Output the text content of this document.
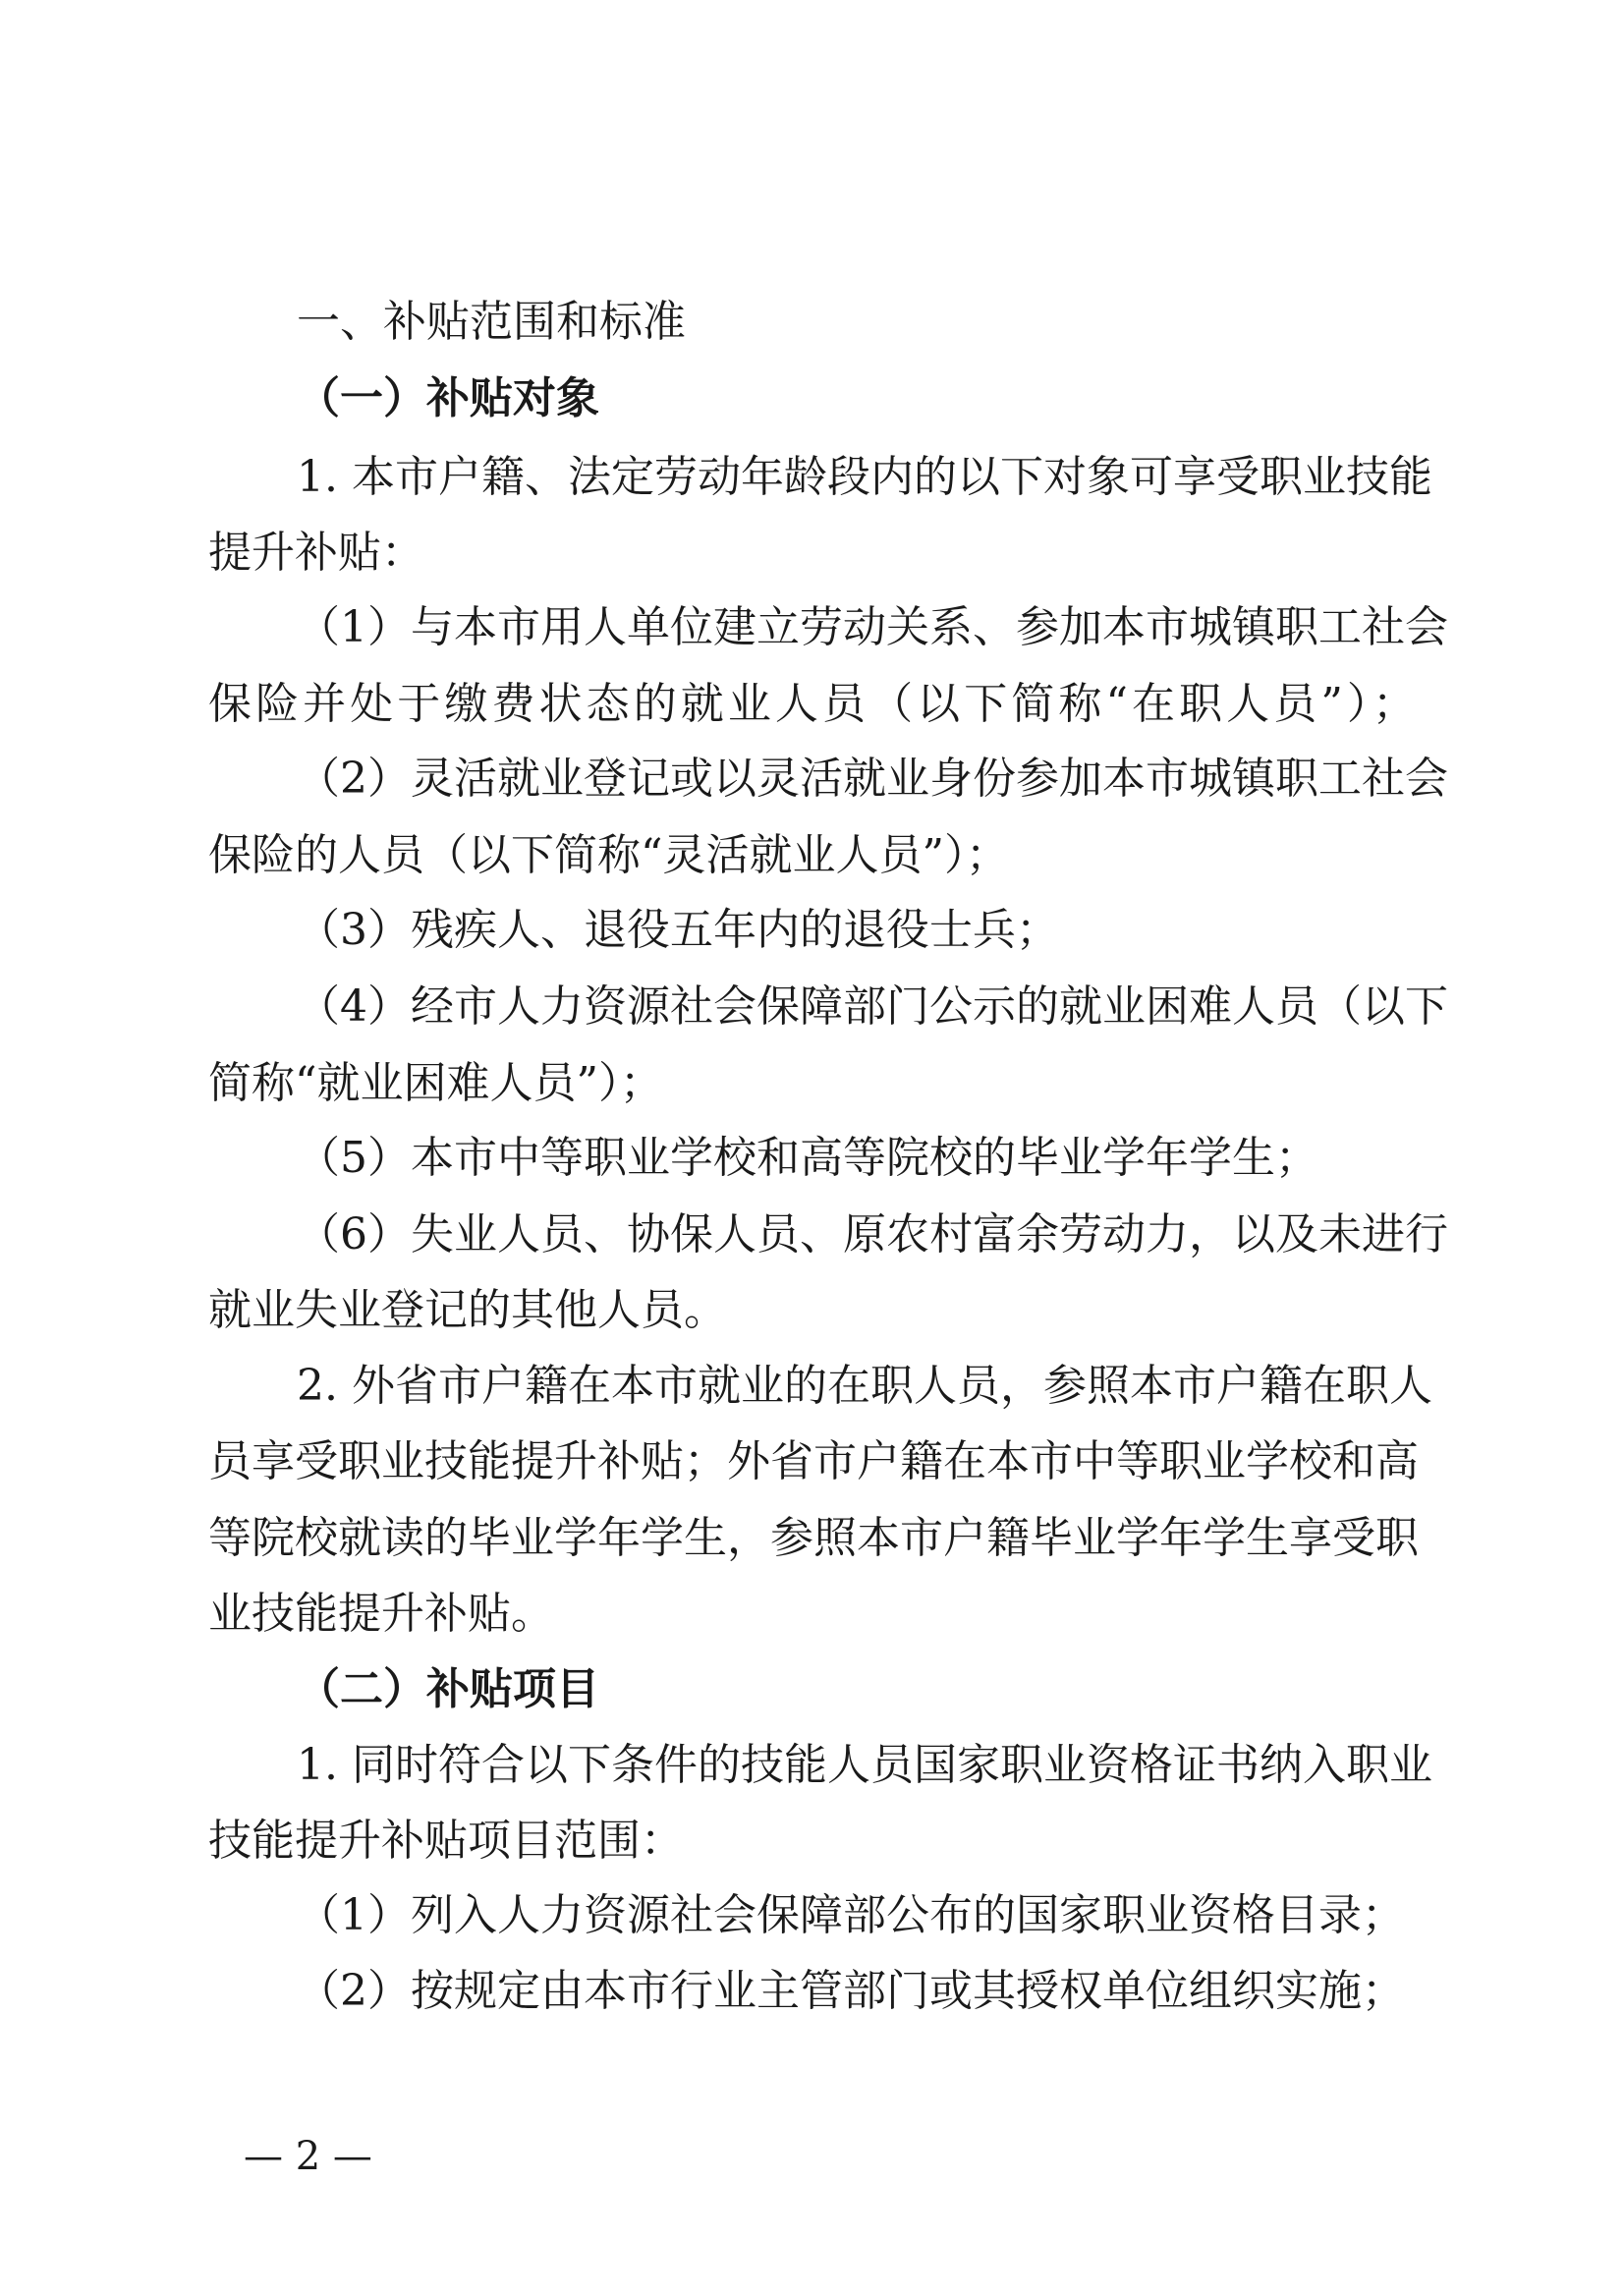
一、补贴范围和标准
（一）补贴对象
1. 本市户籍、法定劳动年龄段内的以下对象可享受职业技能
提升补贴：
（1）与本市用人单位建立劳动关系、参加本市城镇职工社会
保险并处于缴费状态的就业人员（以下简称“在职人员”）；
（2）灵活就业登记或以灵活就业身份参加本市城镇职工社会
保险的人员（以下简称“灵活就业人员”）；
（3）残疾人、退役五年内的退役士兵；
（4）经市人力资源社会保障部门公示的就业困难人员（以下
简称“就业困难人员”）；
（5）本市中等职业学校和高等院校的毕业学年学生；
（6）失业人员、协保人员、原农村富余劳动力，以及未进行
就业失业登记的其他人员。
2. 外省市户籍在本市就业的在职人员，参照本市户籍在职人
员享受职业技能提升补贴；外省市户籍在本市中等职业学校和高
等院校就读的毕业学年学生，参照本市户籍毕业学年学生享受职
业技能提升补贴。
（二）补贴项目
1. 同时符合以下条件的技能人员国家职业资格证书纳入职业
技能提升补贴项目范围：
（1）列入人力资源社会保障部公布的国家职业资格目录；
（2）按规定由本市行业主管部门或其授权单位组织实施；
— 2 —
